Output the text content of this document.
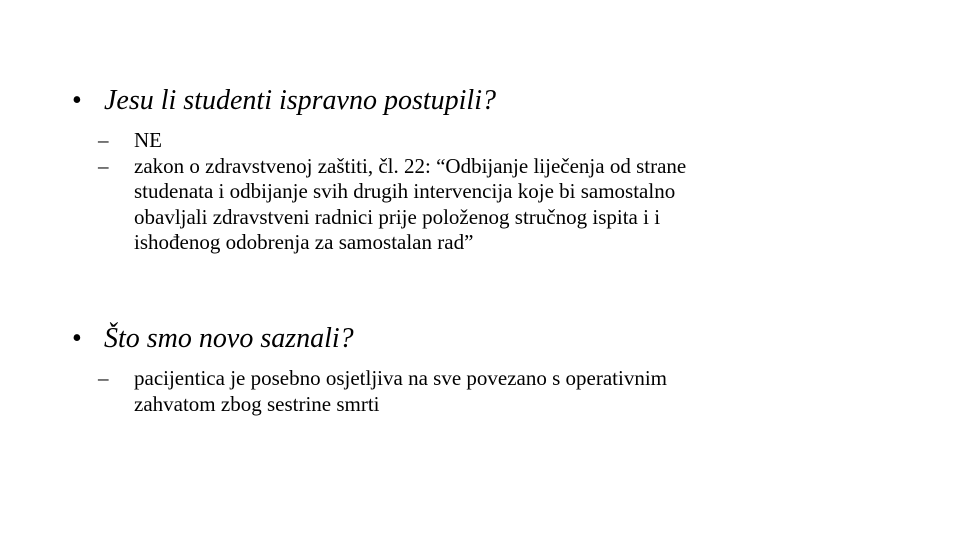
• Jesu li studenti ispravno postupili?
– NE
– zakon o zdravstvenoj zaštiti, čl. 22: “Odbijanje liječenja od strane
studenata i odbijanje svih drugih intervencija koje bi samostalno
obavljali zdravstveni radnici prije položenog stručnog ispita i i
ishođenog odobrenja za samostalan rad”
• Što smo novo saznali?
– pacijentica je posebno osjetljiva na sve povezano s operativnim
zahvatom zbog sestrine smrti
